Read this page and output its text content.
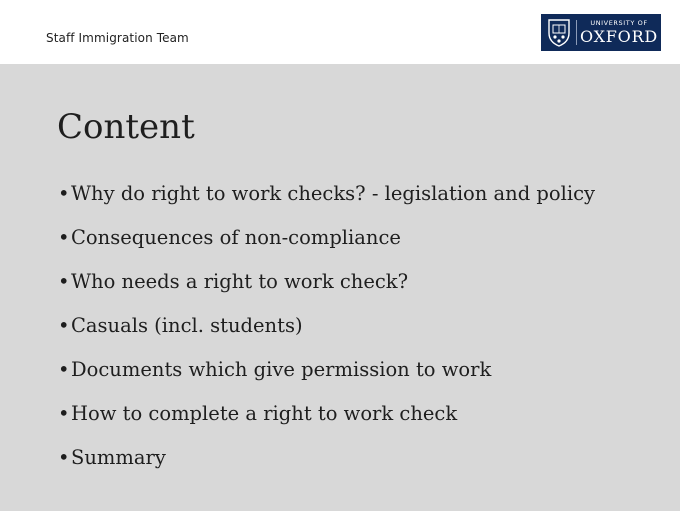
Staff Immigration Team
UNIVERSITY OF
OXFORD
Content
•Why do right to work checks? - legislation and policy
•Consequences of non-compliance
•Who needs a right to work check?
•Casuals (incl. students)
•Documents which give permission to work
•How to complete a right to work check
•Summary
